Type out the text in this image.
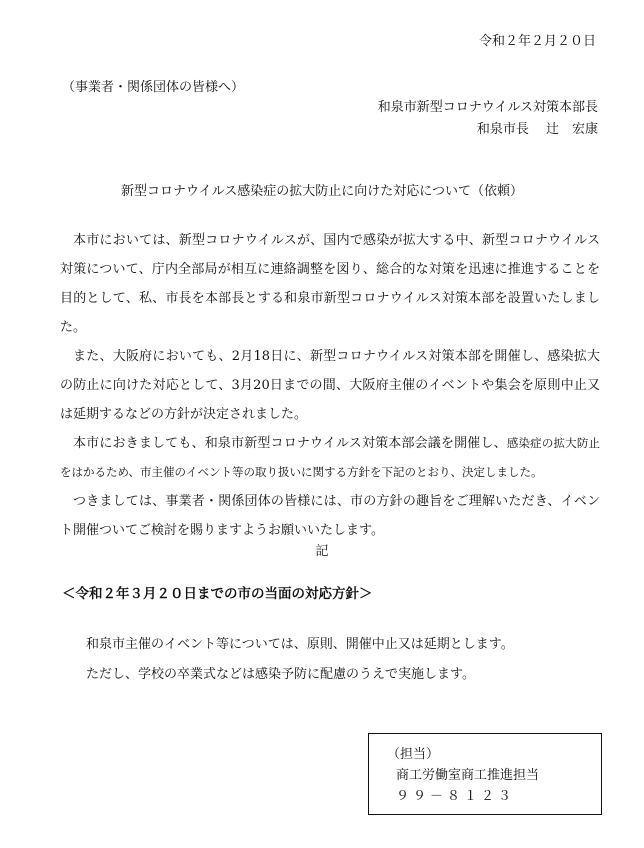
令和２年２月２０日
（事業者・関係団体の皆様へ）
和泉市新型コロナウイルス対策本部長
和泉市長　 辻　宏康
新型コロナウイルス感染症の拡大防止に向けた対応について（依頼）

本市においては、新型コロナウイルスが、国内で感染が拡大する中、新型コロナウイルス対策について、庁内全部局が相互に連絡調整を図り、総合的な対策を迅速に推進することを目的として、私、市長を本部長とする和泉市新型コロナウイルス対策本部を設置いたしました。

また、大阪府においても、2月18日に、新型コロナウイルス対策本部を開催し、感染拡大の防止に向けた対応として、3月20日までの間、大阪府主催のイベントや集会を原則中止又は延期するなどの方針が決定されました。

本市におきましても、和泉市新型コロナウイルス対策本部会議を開催し、感染症の拡大防止をはかるため、市主催のイベント等の取り扱いに関する方針を下記のとおり、決定しました。

つきましては、事業者・関係団体の皆様には、市の方針の趣旨をご理解いただき、イベント開催ついてご検討を賜りますようお願いいたします。

記
＜令和２年３月２０日までの市の当面の対応方針＞
和泉市主催のイベント等については、原則、開催中止又は延期とします。
ただし、学校の卒業式などは感染予防に配慮のうえで実施します。
（担当）
商工労働室商工推進担当
９９－８１２３
